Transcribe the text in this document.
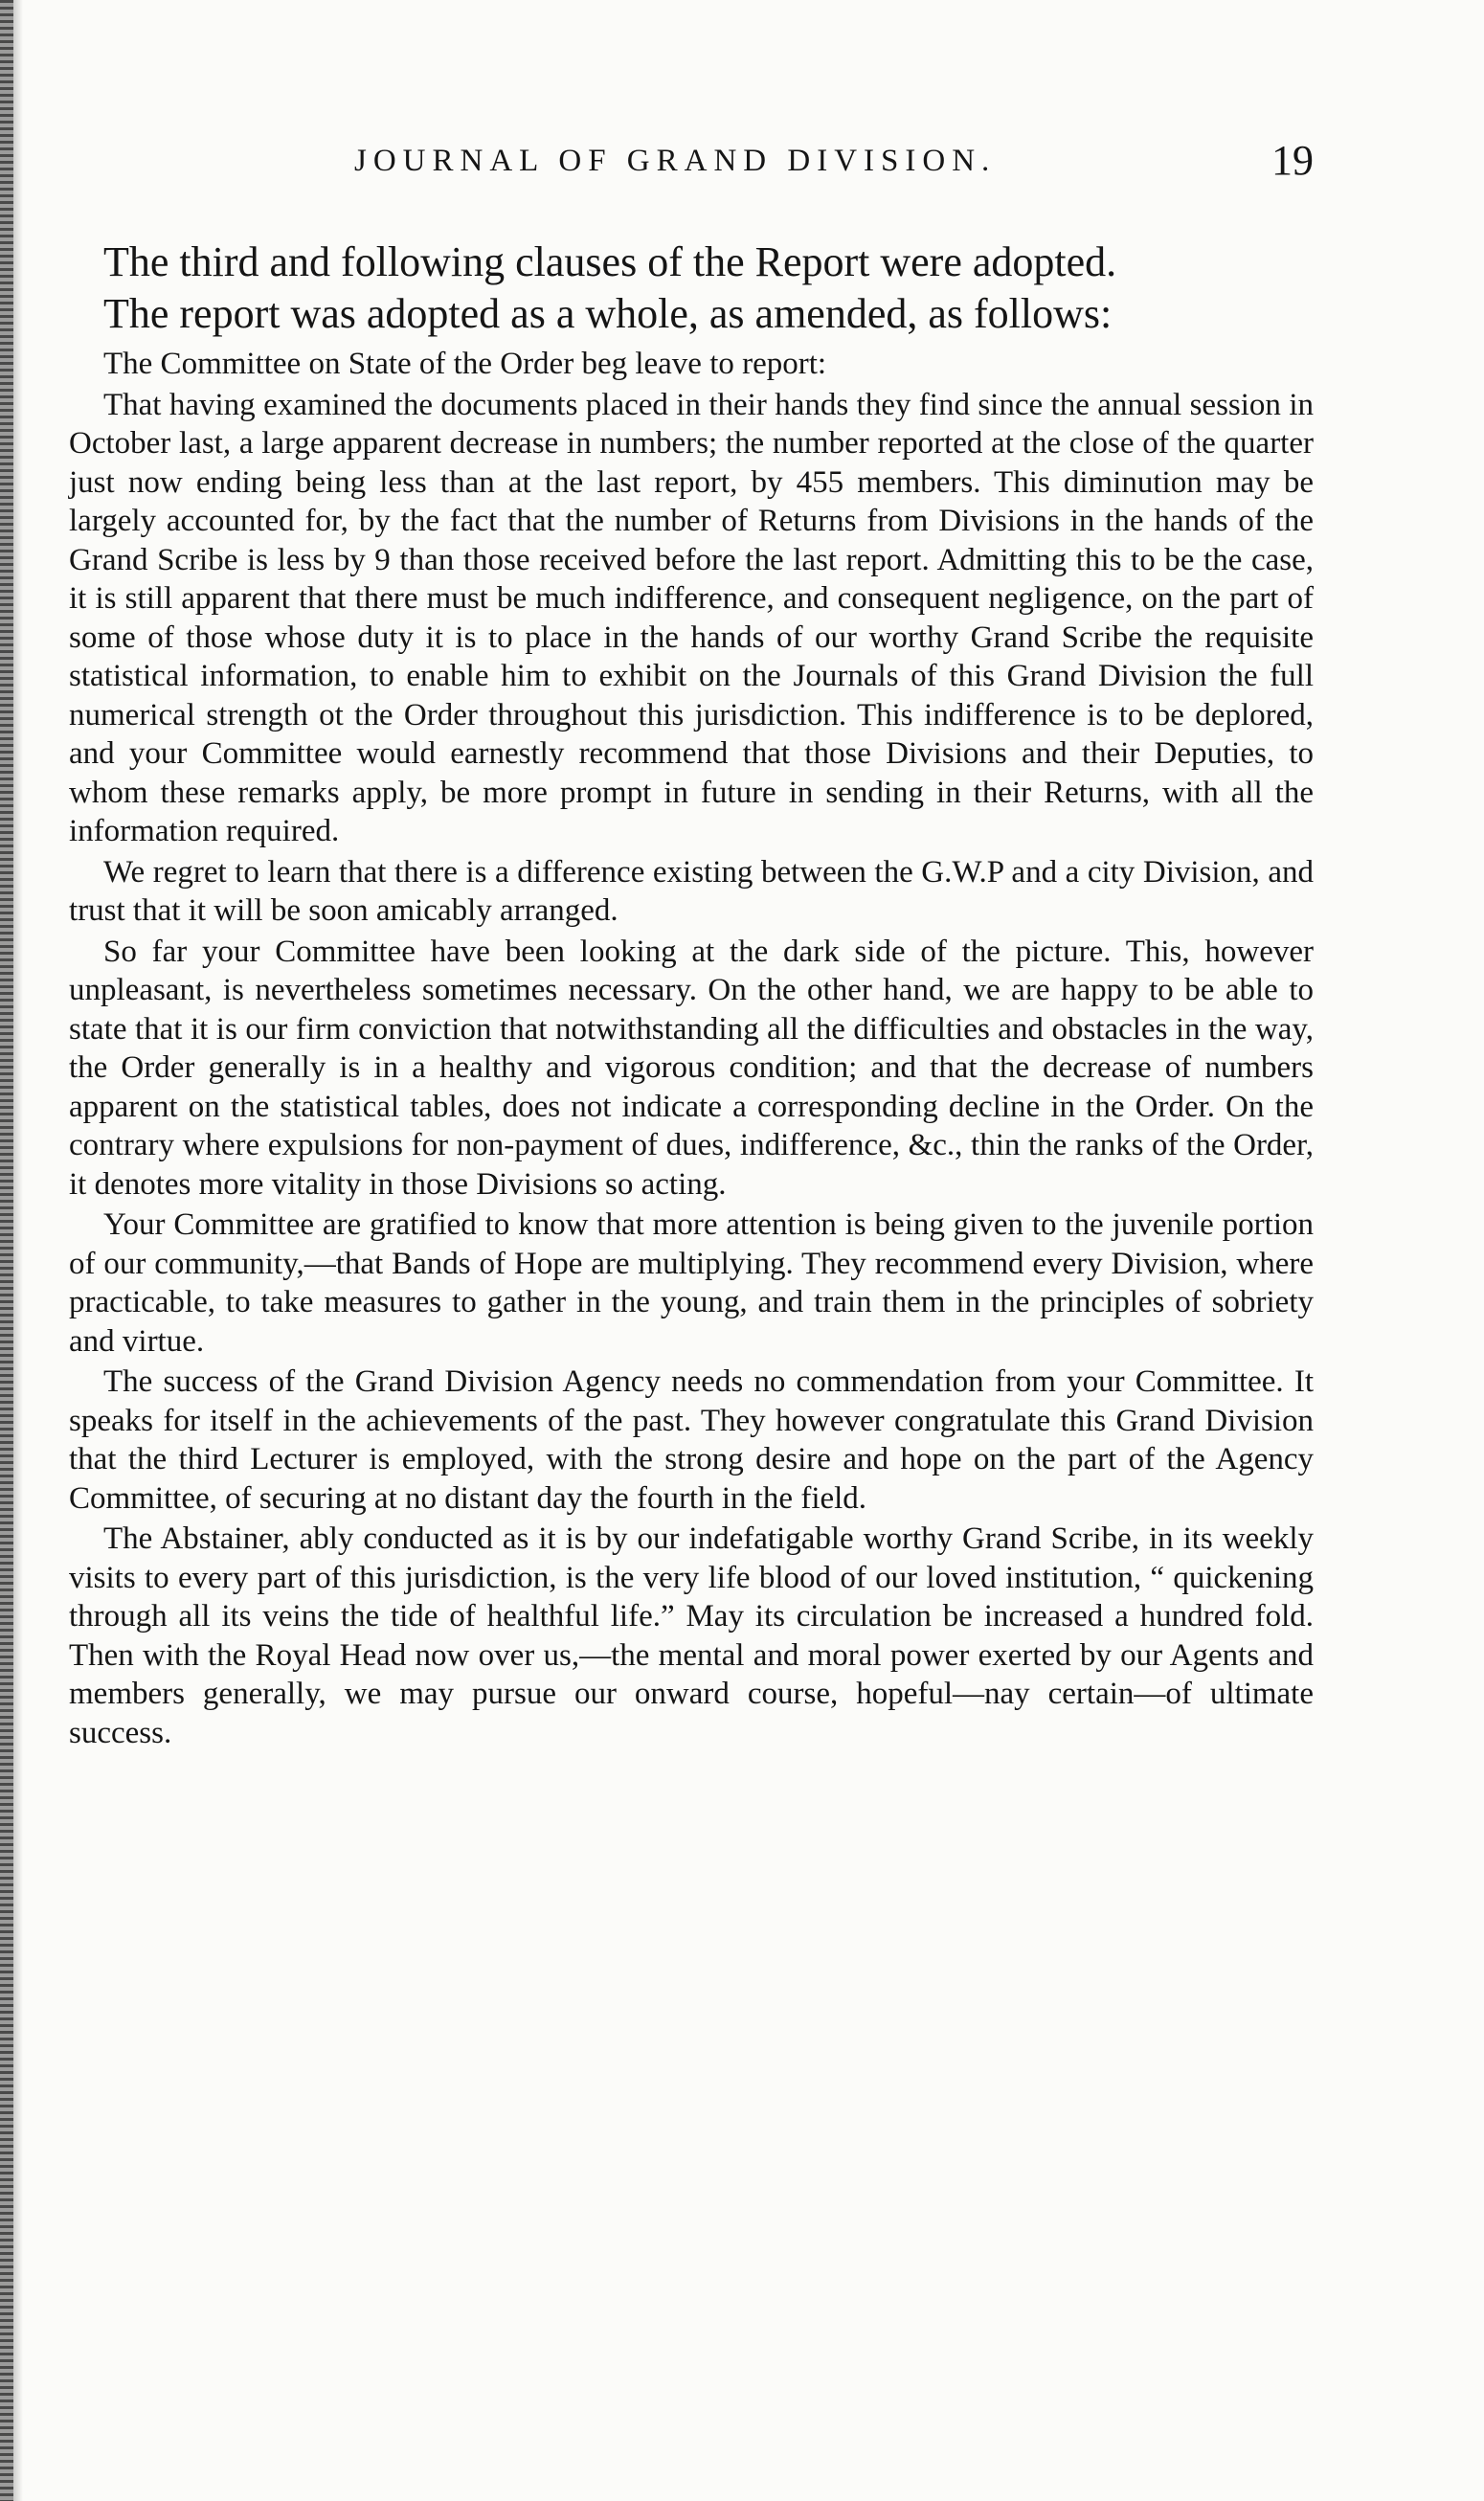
JOURNAL OF GRAND DIVISION.	19

The third and following clauses of the Report were adopted.

The report was adopted as a whole, as amended, as follows:

The Committee on State of the Order beg leave to report:

That having examined the documents placed in their hands they find since the annual session in October last, a large apparent decrease in numbers; the number reported at the close of the quarter just now ending being less than at the last report, by 455 members. This diminution may be largely accounted for, by the fact that the number of Returns from Divisions in the hands of the Grand Scribe is less by 9 than those received before the last report. Admitting this to be the case, it is still apparent that there must be much indifference, and consequent negligence, on the part of some of those whose duty it is to place in the hands of our worthy Grand Scribe the requisite statistical information, to enable him to exhibit on the Journals of this Grand Division the full numerical strength ot the Order throughout this jurisdiction. This indifference is to be deplored, and your Committee would earnestly recommend that those Divisions and their Deputies, to whom these remarks apply, be more prompt in future in sending in their Returns, with all the information required.

We regret to learn that there is a difference existing between the G.W.P and a city Division, and trust that it will be soon amicably arranged.

So far your Committee have been looking at the dark side of the picture. This, however unpleasant, is nevertheless sometimes necessary. On the other hand, we are happy to be able to state that it is our firm conviction that notwithstanding all the difficulties and obstacles in the way, the Order generally is in a healthy and vigorous condition; and that the decrease of numbers apparent on the statistical tables, does not indicate a corresponding decline in the Order. On the contrary where expulsions for non-payment of dues, indifference, &c., thin the ranks of the Order, it denotes more vitality in those Divisions so acting.

Your Committee are gratified to know that more attention is being given to the juvenile portion of our community,—that Bands of Hope are multiplying. They recommend every Division, where practicable, to take measures to gather in the young, and train them in the principles of sobriety and virtue.

The success of the Grand Division Agency needs no commendation from your Committee. It speaks for itself in the achievements of the past. They however congratulate this Grand Division that the third Lecturer is employed, with the strong desire and hope on the part of the Agency Committee, of securing at no distant day the fourth in the field.

The Abstainer, ably conducted as it is by our indefatigable worthy Grand Scribe, in its weekly visits to every part of this jurisdiction, is the very life blood of our loved institution, “ quickening through all its veins the tide of healthful life.” May its circulation be increased a hundred fold. Then with the Royal Head now over us,—the mental and moral power exerted by our Agents and members generally, we may pursue our onward course, hopeful—nay certain—of ultimate success.
